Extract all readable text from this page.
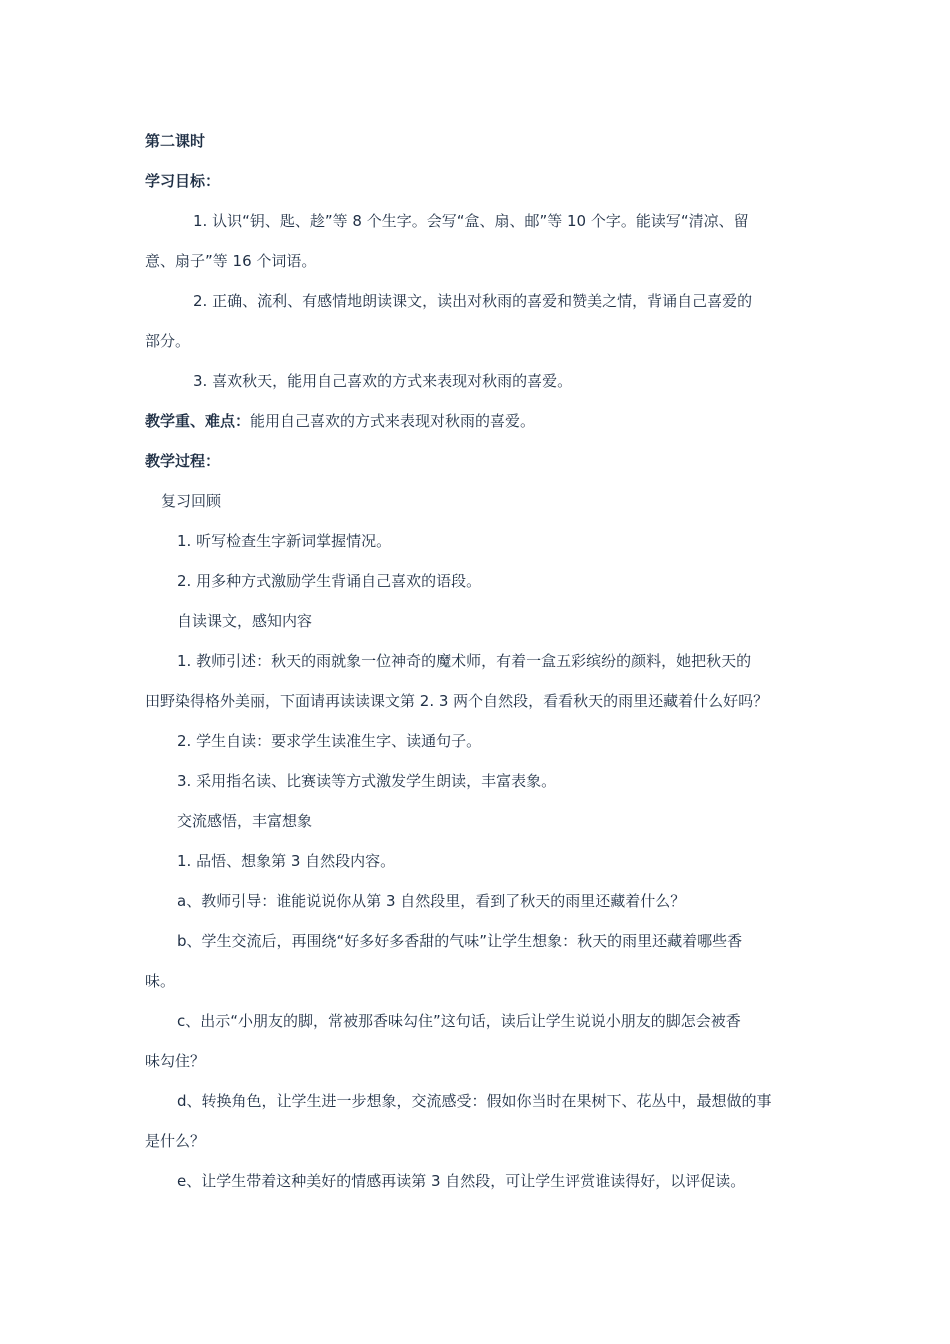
第二课时

学习目标：

1. 认识“钥、匙、趁”等 8 个生字。会写“盒、扇、邮”等 10 个字。能读写“清凉、留

意、扇子”等 16 个词语。

2. 正确、流利、有感情地朗读课文，读出对秋雨的喜爱和赞美之情，背诵自己喜爱的

部分。

3. 喜欢秋天，能用自己喜欢的方式来表现对秋雨的喜爱。

教学重、难点：能用自己喜欢的方式来表现对秋雨的喜爱。

教学过程：

复习回顾

1. 听写检查生字新词掌握情况。

2. 用多种方式激励学生背诵自己喜欢的语段。

自读课文，感知内容

1. 教师引述：秋天的雨就象一位神奇的魔术师，有着一盒五彩缤纷的颜料，她把秋天的

田野染得格外美丽，下面请再读读课文第 2. 3 两个自然段，看看秋天的雨里还藏着什么好吗？

2. 学生自读：要求学生读准生字、读通句子。

3. 采用指名读、比赛读等方式激发学生朗读，丰富表象。

交流感悟，丰富想象

1. 品悟、想象第 3 自然段内容。

a、教师引导：谁能说说你从第 3 自然段里，看到了秋天的雨里还藏着什么？

b、学生交流后，再围绕“好多好多香甜的气味”让学生想象：秋天的雨里还藏着哪些香

味。

c、出示“小朋友的脚，常被那香味勾住”这句话，读后让学生说说小朋友的脚怎会被香

味勾住？

d、转换角色，让学生进一步想象，交流感受：假如你当时在果树下、花丛中，最想做的事

是什么？

e、让学生带着这种美好的情感再读第 3 自然段，可让学生评赏谁读得好，以评促读。
